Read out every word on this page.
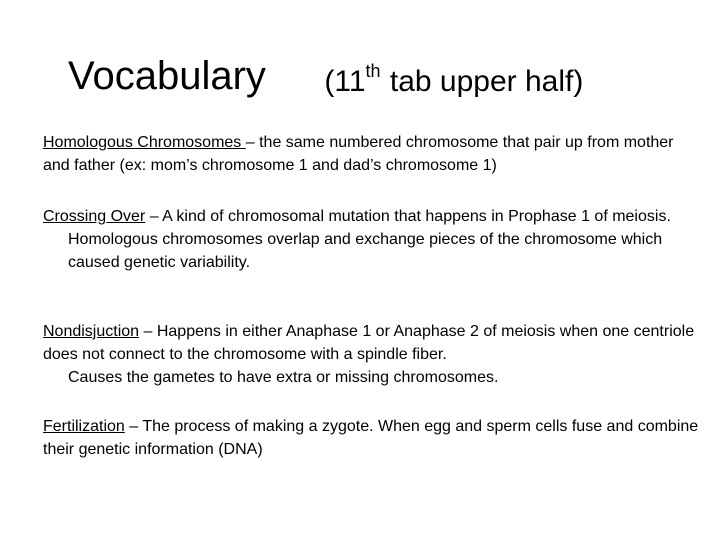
Vocabulary (11th tab upper half)

Homologous Chromosomes – the same numbered chromosome that pair up from mother and father (ex: mom’s chromosome 1 and dad’s chromosome 1)

Crossing Over – A kind of chromosomal mutation that happens in Prophase 1 of meiosis.

Homologous chromosomes overlap and exchange pieces of the chromosome which caused genetic variability.

Nondisjuction – Happens in either Anaphase 1 or Anaphase 2 of meiosis when one centriole does not connect to the chromosome with a spindle fiber.

Causes the gametes to have extra or missing chromosomes.

Fertilization – The process of making a zygote. When egg and sperm cells fuse and combine their genetic information (DNA)
